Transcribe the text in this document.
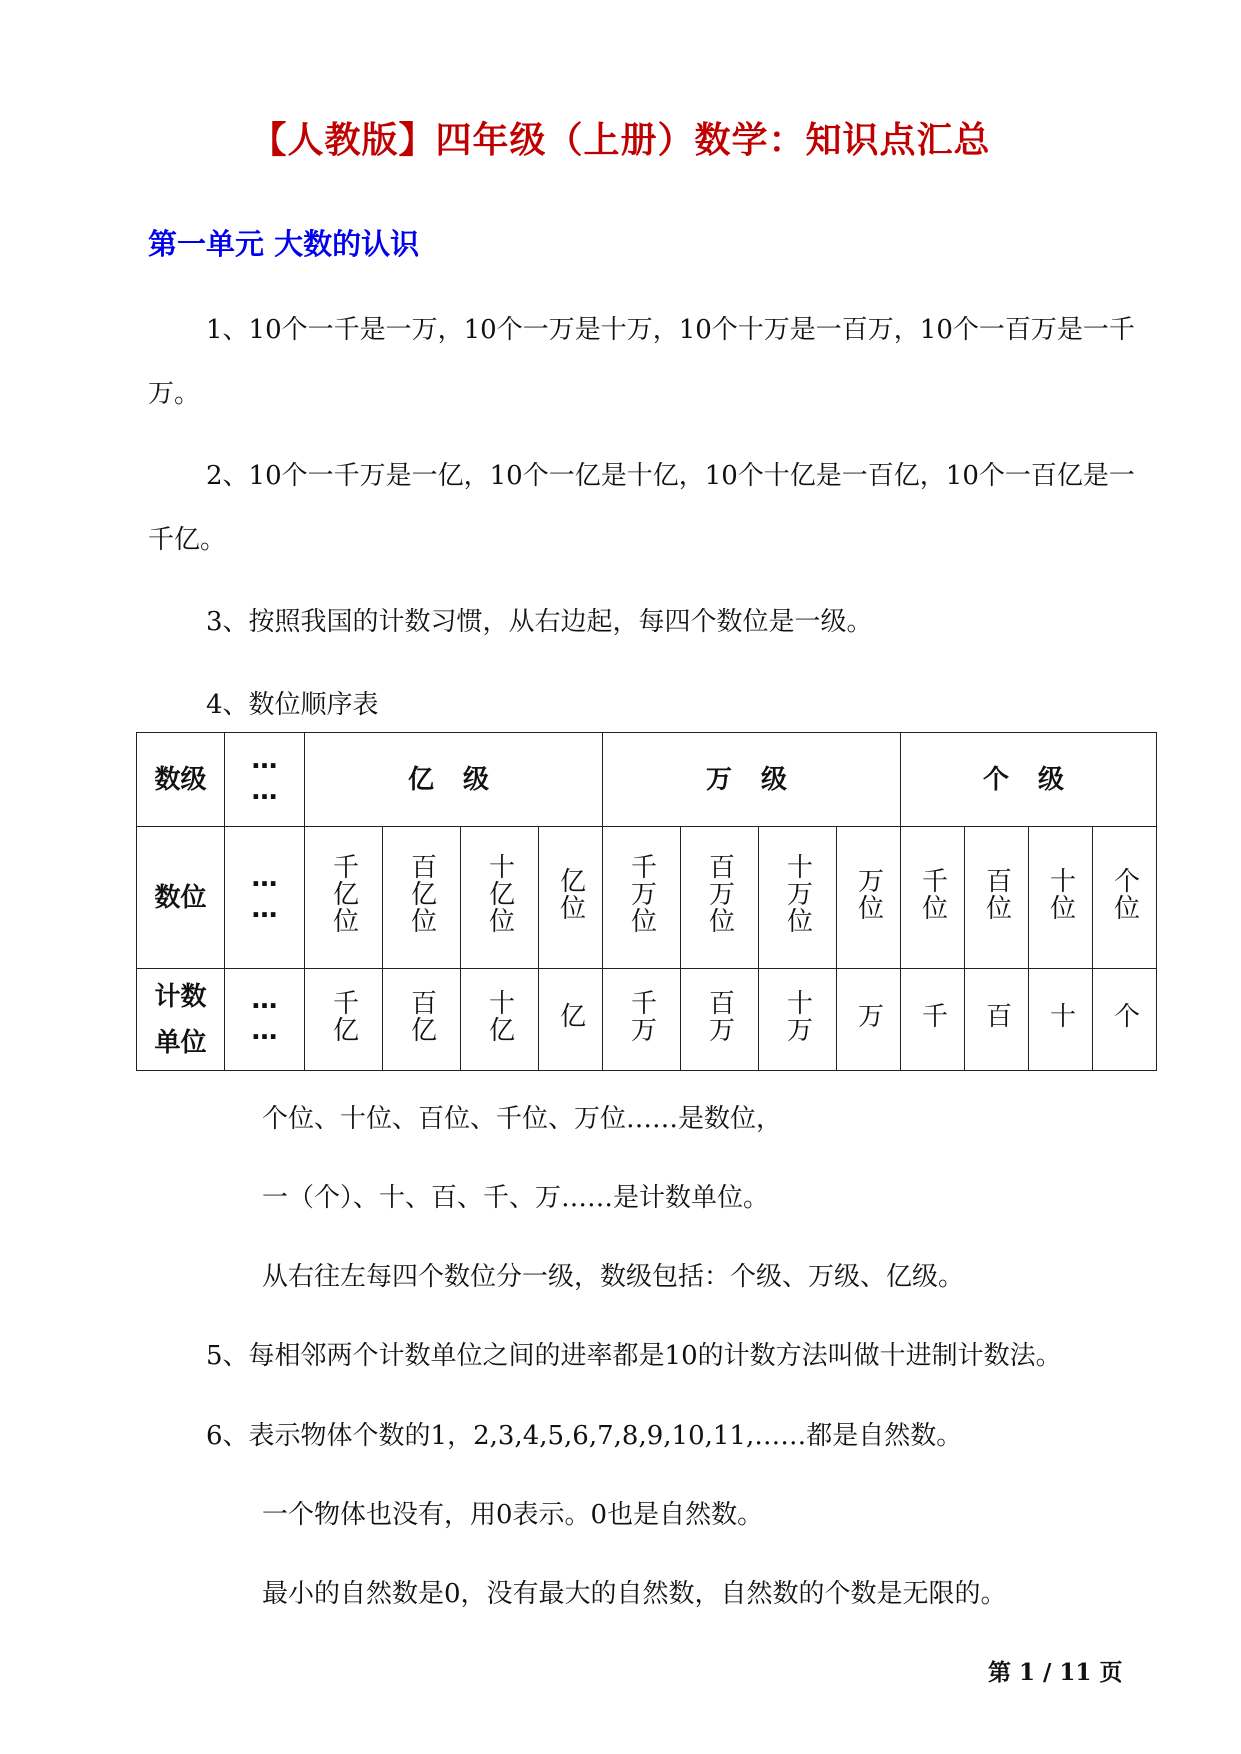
【人教版】四年级（上册）数学：知识点汇总
第一单元 大数的认识
1、10个一千是一万，10个一万是十万，10个十万是一百万，10个一百万是一千万。
2、10个一千万是一亿，10个一亿是十亿，10个十亿是一百亿，10个一百亿是一千亿。
3、按照我国的计数习惯，从右边起，每四个数位是一级。
4、数位顺序表
数级	……	亿 级				万 级				个 级			
数位	……	千亿位	百亿位	十亿位	亿位	千万位	百万位	十万位	万位	千位	百位	十位	个位
计数单位	……	千亿	百亿	十亿	亿	千万	百万	十万	万	千	百	十	个
个位、十位、百位、千位、万位……是数位，
一（个）、十、百、千、万……是计数单位。
从右往左每四个数位分一级，数级包括：个级、万级、亿级。
5、每相邻两个计数单位之间的进率都是10的计数方法叫做十进制计数法。
6、表示物体个数的1，2,3,4,5,6,7,8,9,10,11,……都是自然数。
一个物体也没有，用0表示。0也是自然数。
最小的自然数是0，没有最大的自然数，自然数的个数是无限的。
第 1 / 11 页
